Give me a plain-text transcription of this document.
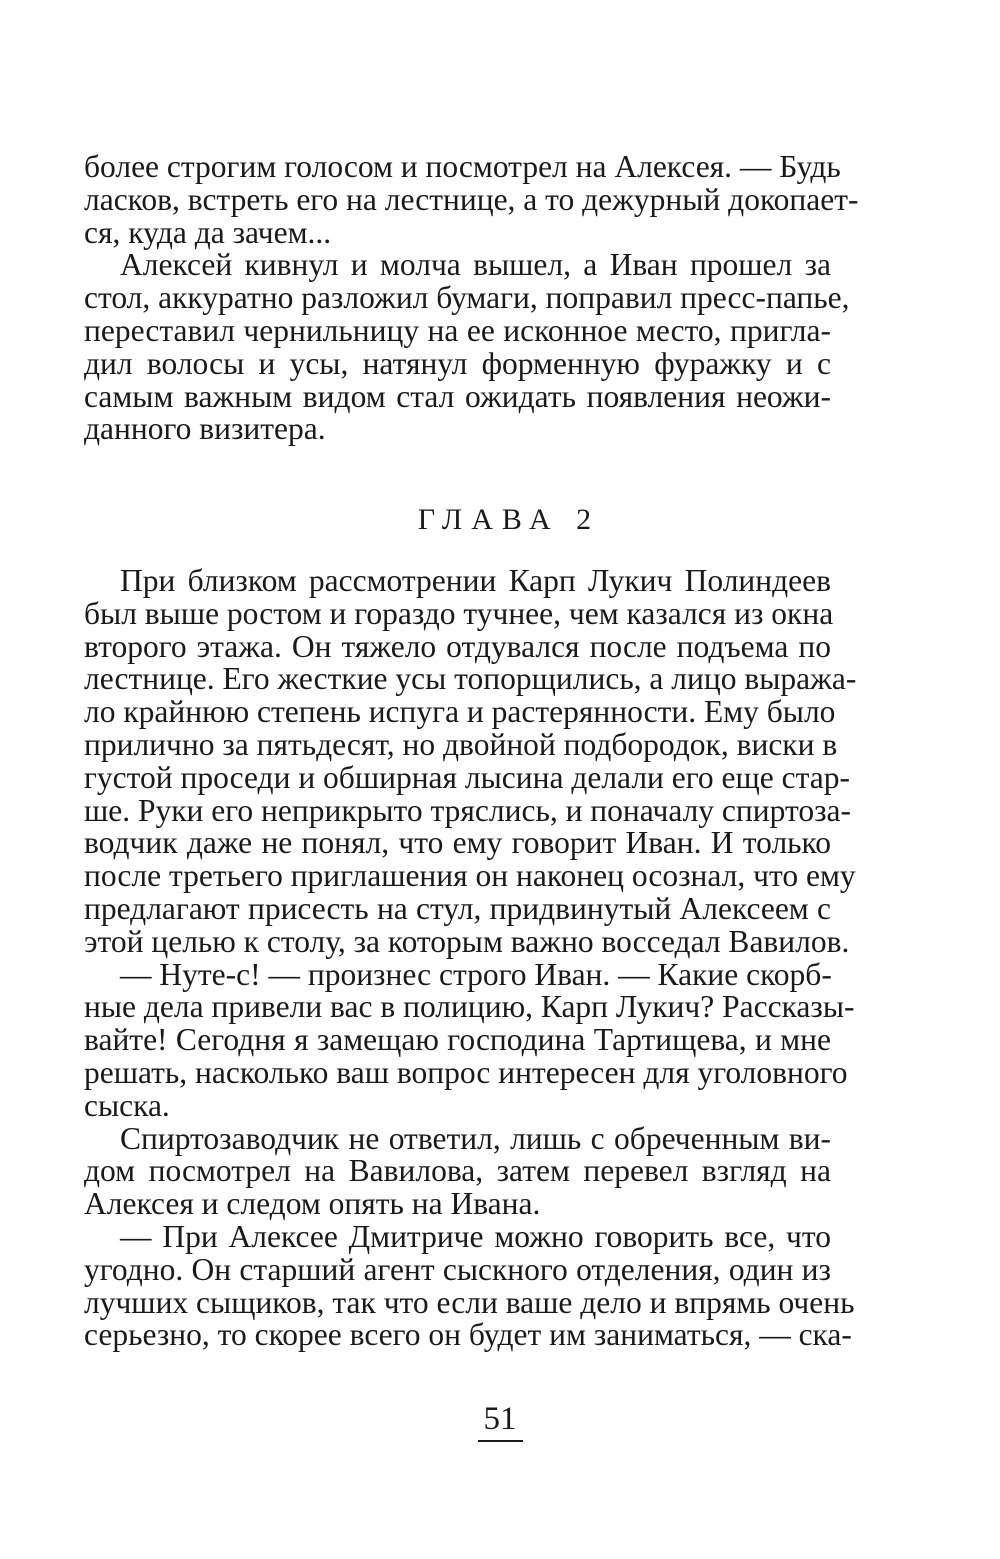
более строгим голосом и посмотрел на Алексея. — Будь
ласков, встреть его на лестнице, а то дежурный докопает-
ся, куда да зачем...
Алексей кивнул и молча вышел, а Иван прошел за
стол, аккуратно разложил бумаги, поправил пресс-папье,
переставил чернильницу на ее исконное место, пригла-
дил волосы и усы, натянул форменную фуражку и с
самым важным видом стал ожидать появления неожи-
данного визитера.
ГЛАВА 2
При близком рассмотрении Карп Лукич Полиндеев
был выше ростом и гораздо тучнее, чем казался из окна
второго этажа. Он тяжело отдувался после подъема по
лестнице. Его жесткие усы топорщились, а лицо выража-
ло крайнюю степень испуга и растерянности. Ему было
прилично за пятьдесят, но двойной подбородок, виски в
густой проседи и обширная лысина делали его еще стар-
ше. Руки его неприкрыто тряслись, и поначалу спиртоза-
водчик даже не понял, что ему говорит Иван. И только
после третьего приглашения он наконец осознал, что ему
предлагают присесть на стул, придвинутый Алексеем с
этой целью к столу, за которым важно восседал Вавилов.
— Нуте-с! — произнес строго Иван. — Какие скорб-
ные дела привели вас в полицию, Карп Лукич? Рассказы-
вайте! Сегодня я замещаю господина Тартищева, и мне
решать, насколько ваш вопрос интересен для уголовного
сыска.
Спиртозаводчик не ответил, лишь с обреченным ви-
дом посмотрел на Вавилова, затем перевел взгляд на
Алексея и следом опять на Ивана.
— При Алексее Дмитриче можно говорить все, что
угодно. Он старший агент сыскного отделения, один из
лучших сыщиков, так что если ваше дело и впрямь очень
серьезно, то скорее всего он будет им заниматься, — ска-
51
